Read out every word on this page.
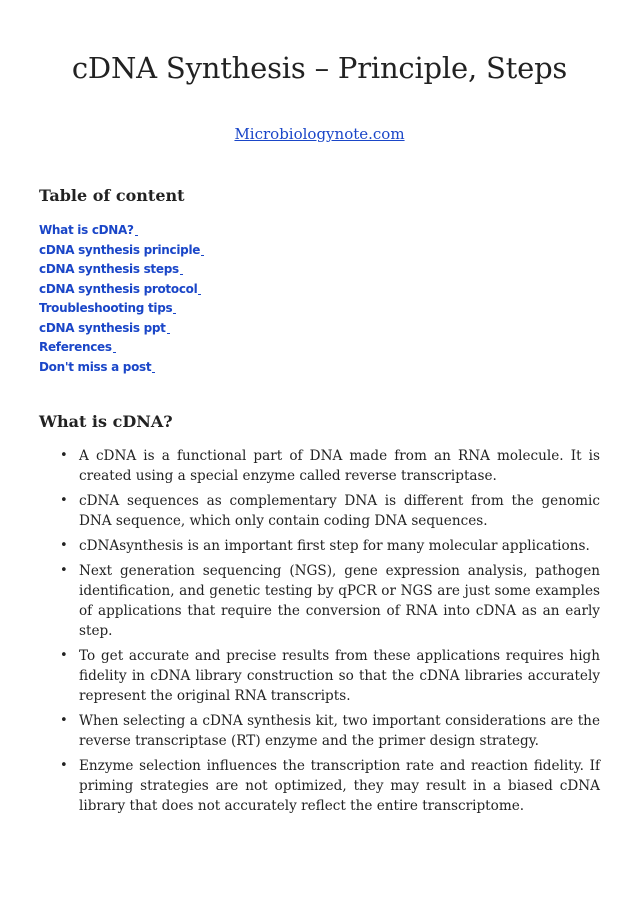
cDNA Synthesis – Principle, Steps
Microbiologynote.com
Table of content
What is cDNA?
cDNA synthesis principle
cDNA synthesis steps
cDNA synthesis protocol
Troubleshooting tips
cDNA synthesis ppt
References
Don't miss a post
What is cDNA?
• A cDNA is a functional part of DNA made from an RNA molecule. It is created using a special enzyme called reverse transcriptase.
• cDNA sequences as complementary DNA is different from the genomic DNA sequence, which only contain coding DNA sequences.
• cDNAsynthesis is an important first step for many molecular applications.
• Next generation sequencing (NGS), gene expression analysis, pathogen identification, and genetic testing by qPCR or NGS are just some examples of applications that require the conversion of RNA into cDNA as an early step.
• To get accurate and precise results from these applications requires high fidelity in cDNA library construction so that the cDNA libraries accurately represent the original RNA transcripts.
• When selecting a cDNA synthesis kit, two important considerations are the reverse transcriptase (RT) enzyme and the primer design strategy.
• Enzyme selection influences the transcription rate and reaction fidelity. If priming strategies are not optimized, they may result in a biased cDNA library that does not accurately reflect the entire transcriptome.
